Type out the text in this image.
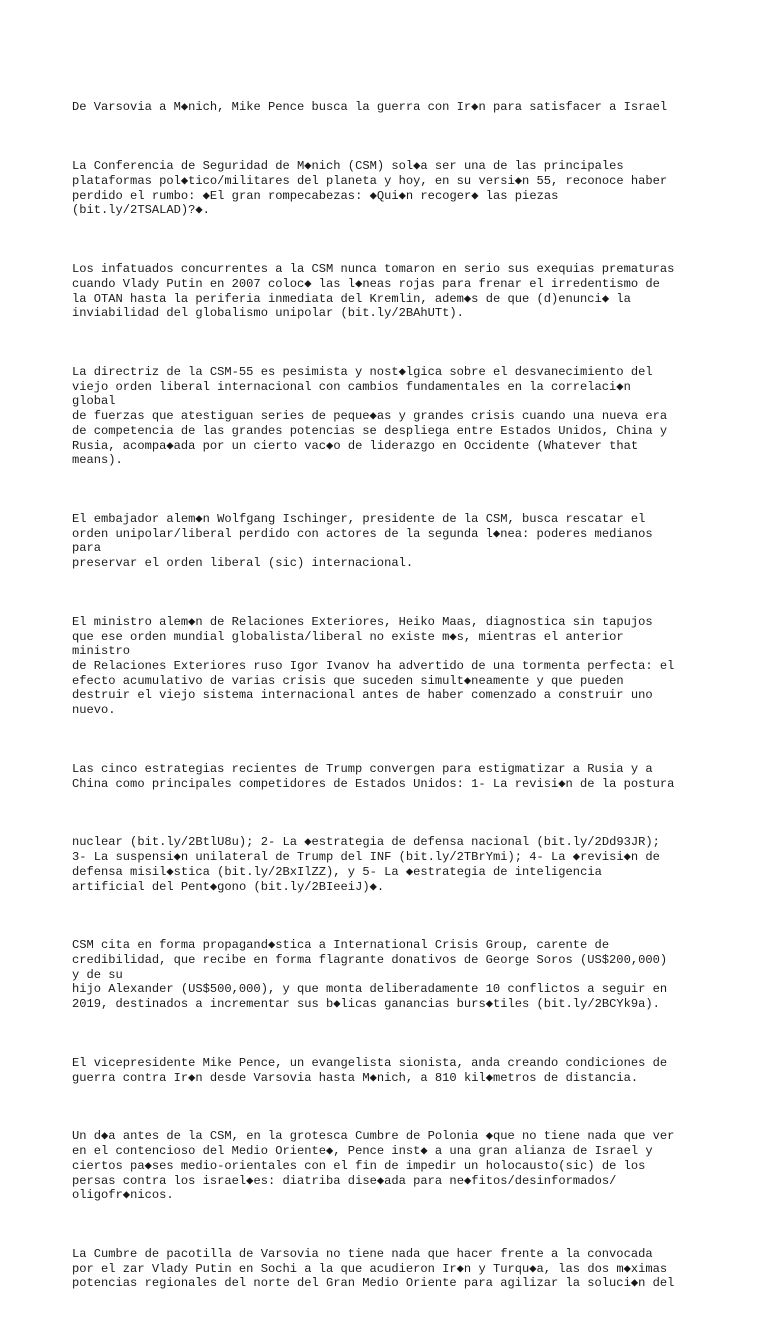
De Varsovia a M◆nich, Mike Pence busca la guerra con Ir◆n para satisfacer a Israel

La Conferencia de Seguridad de M◆nich (CSM) sol◆a ser una de las principales
plataformas pol◆tico/militares del planeta y hoy, en su versi◆n 55, reconoce haber
perdido el rumbo: ◆El gran rompecabezas: ◆Qui◆n recoger◆ las piezas
(bit.ly/2TSALAD)?◆.

Los infatuados concurrentes a la CSM nunca tomaron en serio sus exequias prematuras
cuando Vlady Putin en 2007 coloc◆ las l◆neas rojas para frenar el irredentismo de
la OTAN hasta la periferia inmediata del Kremlin, adem◆s de que (d)enunci◆ la
inviabilidad del globalismo unipolar (bit.ly/2BAhUTt).

La directriz de la CSM-55 es pesimista y nost◆lgica sobre el desvanecimiento del
viejo orden liberal internacional con cambios fundamentales en la correlaci◆n
global
de fuerzas que atestiguan series de peque◆as y grandes crisis cuando una nueva era
de competencia de las grandes potencias se despliega entre Estados Unidos, China y
Rusia, acompa◆ada por un cierto vac◆o de liderazgo en Occidente (Whatever that
means).

El embajador alem◆n Wolfgang Ischinger, presidente de la CSM, busca rescatar el
orden unipolar/liberal perdido con actores de la segunda l◆nea: poderes medianos
para
preservar el orden liberal (sic) internacional.

El ministro alem◆n de Relaciones Exteriores, Heiko Maas, diagnostica sin tapujos
que ese orden mundial globalista/liberal no existe m◆s, mientras el anterior
ministro
de Relaciones Exteriores ruso Igor Ivanov ha advertido de una tormenta perfecta: el
efecto acumulativo de varias crisis que suceden simult◆neamente y que pueden
destruir el viejo sistema internacional antes de haber comenzado a construir uno
nuevo.

Las cinco estrategias recientes de Trump convergen para estigmatizar a Rusia y a
China como principales competidores de Estados Unidos: 1- La revisi◆n de la postura

nuclear (bit.ly/2BtlU8u); 2- La ◆estrategia de defensa nacional (bit.ly/2Dd93JR);
3- La suspensi◆n unilateral de Trump del INF (bit.ly/2TBrYmi); 4- La ◆revisi◆n de
defensa misil◆stica (bit.ly/2BxIlZZ), y 5- La ◆estrategia de inteligencia
artificial del Pent◆gono (bit.ly/2BIeeiJ)◆.

CSM cita en forma propagand◆stica a International Crisis Group, carente de
credibilidad, que recibe en forma flagrante donativos de George Soros (US$200,000)
y de su
hijo Alexander (US$500,000), y que monta deliberadamente 10 conflictos a seguir en
2019, destinados a incrementar sus b◆licas ganancias burs◆tiles (bit.ly/2BCYk9a).

El vicepresidente Mike Pence, un evangelista sionista, anda creando condiciones de
guerra contra Ir◆n desde Varsovia hasta M◆nich, a 810 kil◆metros de distancia.

Un d◆a antes de la CSM, en la grotesca Cumbre de Polonia ◆que no tiene nada que ver
en el contencioso del Medio Oriente◆, Pence inst◆ a una gran alianza de Israel y
ciertos pa◆ses medio-orientales con el fin de impedir un holocausto(sic) de los
persas contra los israel◆es: diatriba dise◆ada para ne◆fitos/desinformados/
oligofr◆nicos.

La Cumbre de pacotilla de Varsovia no tiene nada que hacer frente a la convocada
por el zar Vlady Putin en Sochi a la que acudieron Ir◆n y Turqu◆a, las dos m◆ximas
potencias regionales del norte del Gran Medio Oriente para agilizar la soluci◆n del
